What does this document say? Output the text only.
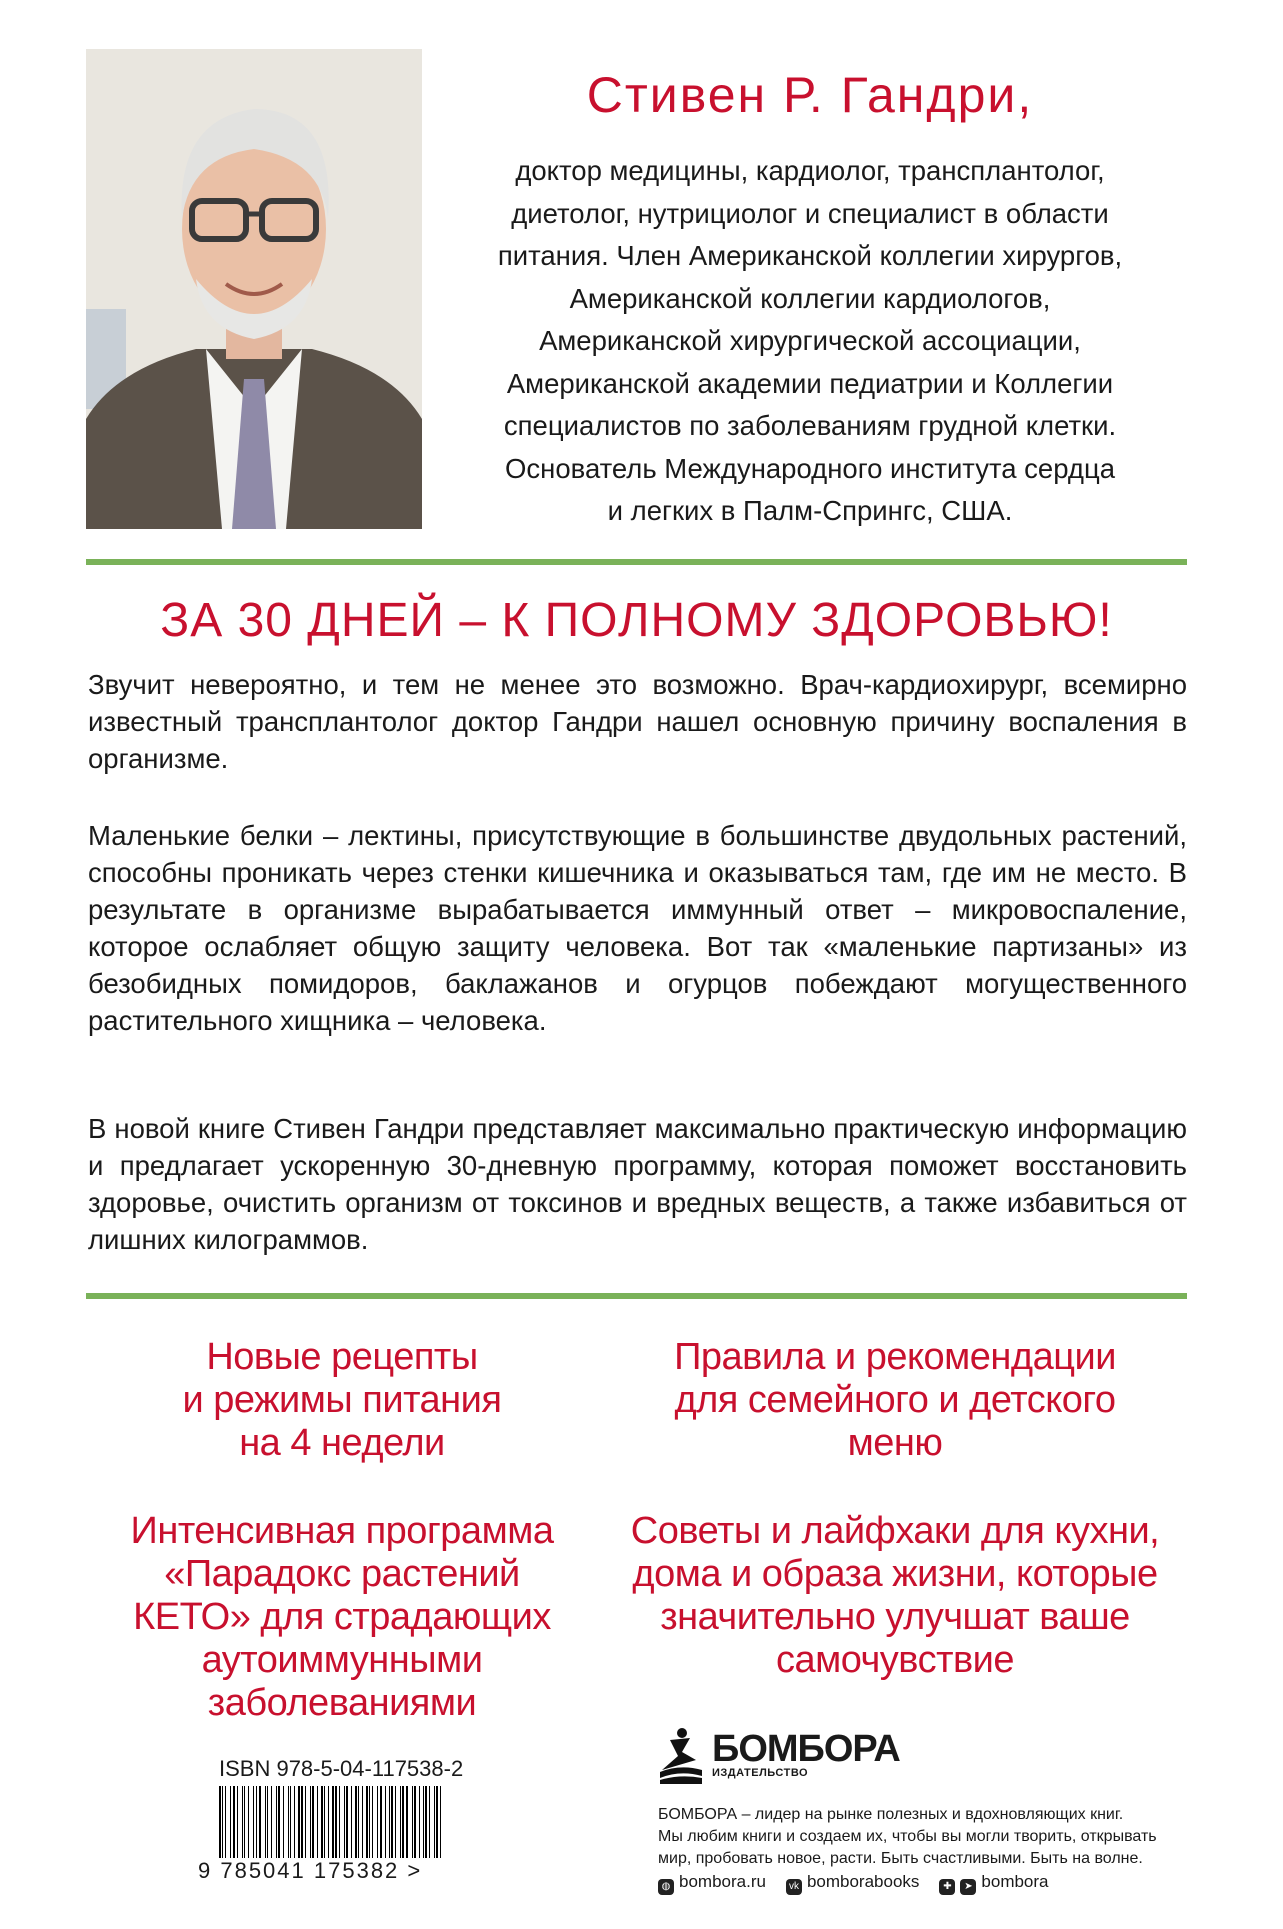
Стивен Р. Гандри,
доктор медицины, кардиолог, трансплантолог,
диетолог, нутрициолог и специалист в области
питания. Член Американской коллегии хирургов,
Американской коллегии кардиологов,
Американской хирургической ассоциации,
Американской академии педиатрии и Коллегии
специалистов по заболеваниям грудной клетки.
Основатель Международного института сердца
и легких в Палм-Спрингс, США.
ЗА 30 ДНЕЙ – К ПОЛНОМУ ЗДОРОВЬЮ!
Звучит невероятно, и тем не менее это возможно. Врач-кардиохирург, всемирно известный трансплантолог доктор Гандри нашел основную причину воспаления в организме.
Маленькие белки – лектины, присутствующие в большинстве двудольных растений, способны проникать через стенки кишечника и оказываться там, где им не место. В результате в организме вырабатывается иммунный ответ – микровоспаление, которое ослабляет общую защиту человека. Вот так «маленькие партизаны» из безобидных помидоров, баклажанов и огурцов побеждают могущественного растительного хищника – человека.
В новой книге Стивен Гандри представляет максимально практическую информацию и предлагает ускоренную 30-дневную программу, которая поможет восстановить здоровье, очистить организм от токсинов и вредных веществ, а также избавиться от лишних килограммов.
Новые рецепты
и режимы питания
на 4 недели
Правила и рекомендации
для семейного и детского
меню
Интенсивная программа
«Парадокс растений
КЕТО» для страдающих
аутоиммунными
заболеваниями
Советы и лайфхаки для кухни,
дома и образа жизни, которые
значительно улучшат ваше
самочувствие
ISBN 978-5-04-117538-2
9 785041 175382 >
БОМБОРА
ИЗДАТЕЛЬСТВО
БОМБОРА – лидер на рынке полезных и вдохновляющих книг.
Мы любим книги и создаем их, чтобы вы могли творить, открывать
мир, пробовать новое, расти. Быть счастливыми. Быть на волне.
◍ bombora.ru	vk bomborabooks	✚ ➤ bombora
